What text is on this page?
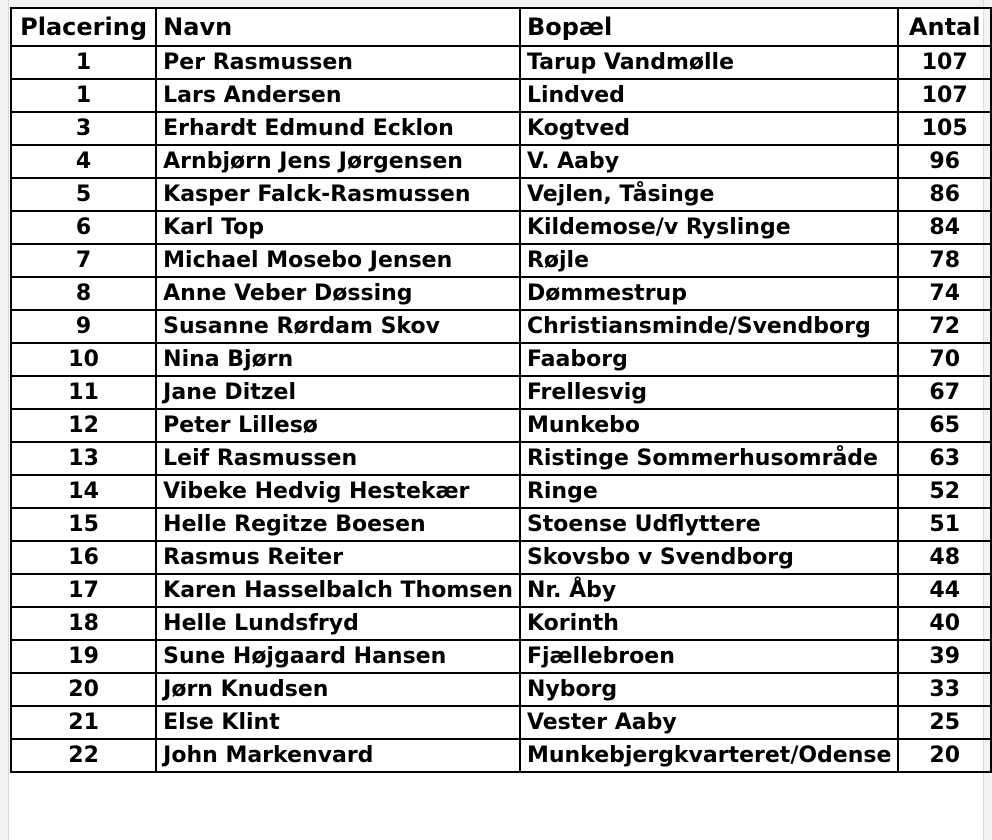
Placering	Navn	Bopæl	Antal
1	Per Rasmussen	Tarup Vandmølle	107
1	Lars Andersen	Lindved	107
3	Erhardt Edmund Ecklon	Kogtved	105
4	Arnbjørn Jens Jørgensen	V. Aaby	96
5	Kasper Falck-Rasmussen	Vejlen, Tåsinge	86
6	Karl Top	Kildemose/v Ryslinge	84
7	Michael Mosebo Jensen	Røjle	78
8	Anne Veber Døssing	Dømmestrup	74
9	Susanne Rørdam Skov	Christiansminde/Svendborg	72
10	Nina Bjørn	Faaborg	70
11	Jane Ditzel	Frellesvig	67
12	Peter Lillesø	Munkebo	65
13	Leif Rasmussen	Ristinge Sommerhusområde	63
14	Vibeke Hedvig Hestekær	Ringe	52
15	Helle Regitze Boesen	Stoense Udflyttere	51
16	Rasmus Reiter	Skovsbo v Svendborg	48
17	Karen Hasselbalch Thomsen	Nr. Åby	44
18	Helle Lundsfryd	Korinth	40
19	Sune Højgaard Hansen	Fjællebroen	39
20	Jørn Knudsen	Nyborg	33
21	Else Klint	Vester Aaby	25
22	John Markenvard	Munkebjergkvarteret/Odense	20
